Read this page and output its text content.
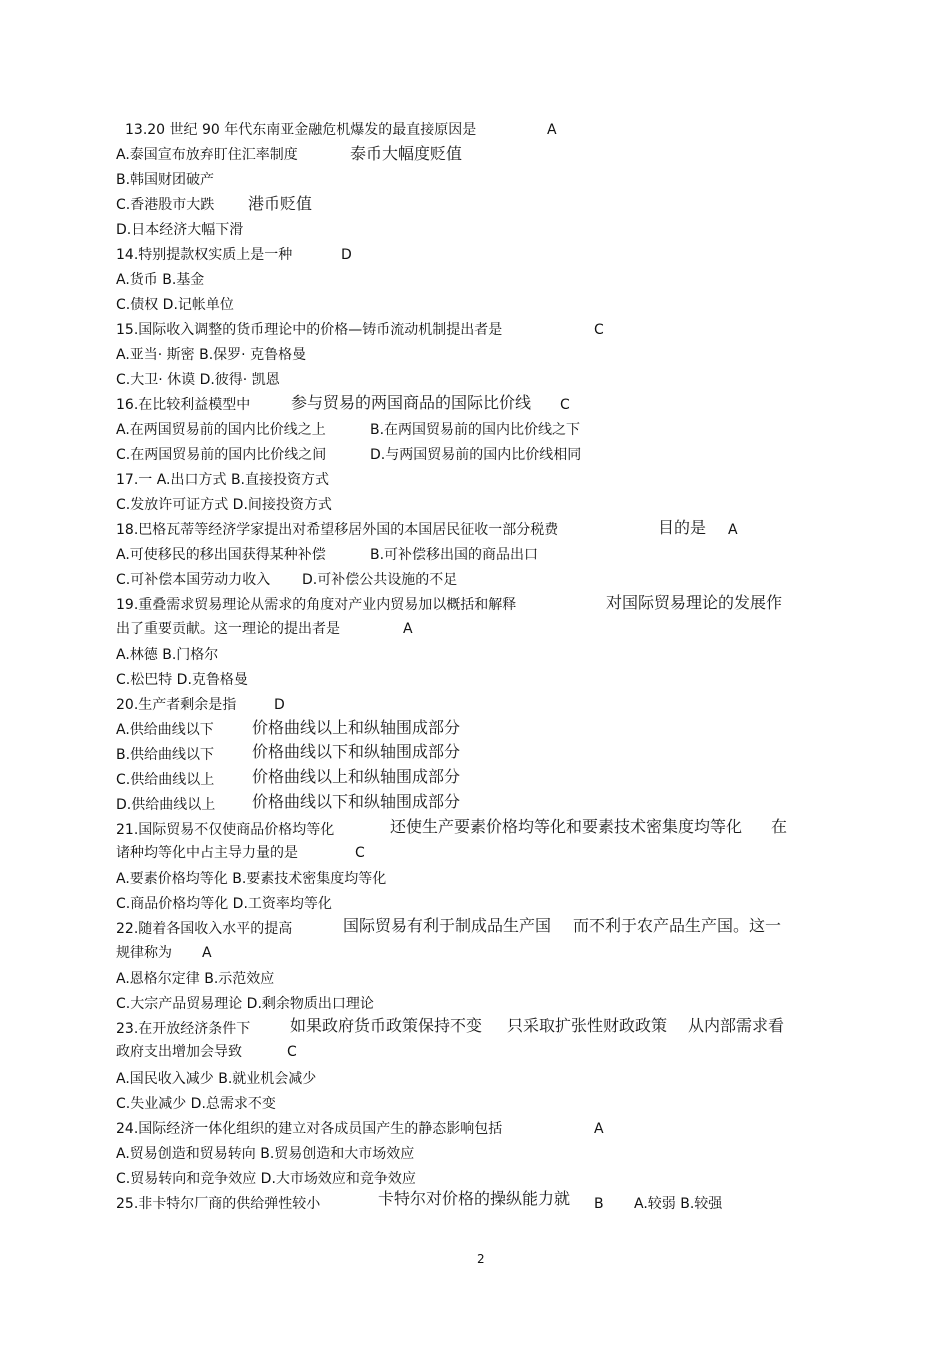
13.20 世纪 90 年代东南亚金融危机爆发的最直接原因是	A
A.泰国宣布放弃盯住汇率制度	泰币大幅度贬值
B.韩国财团破产
C.香港股市大跌 港币贬值
D.日本经济大幅下滑
14.特别提款权实质上是一种	D
A.货币 B.基金
C.债权 D.记帐单位
15.国际收入调整的货币理论中的价格—铸币流动机制提出者是	C
A.亚当· 斯密 B.保罗· 克鲁格曼
C.大卫· 休谟 D.彼得· 凯恩
16.在比较利益模型中	参与贸易的两国商品的国际比价线 C
A.在两国贸易前的国内比价线之上	B.在两国贸易前的国内比价线之下
C.在两国贸易前的国内比价线之间	D.与两国贸易前的国内比价线相同
17.一 A.出口方式 B.直接投资方式
C.发放许可证方式 D.间接投资方式
18.巴格瓦蒂等经济学家提出对希望移居外国的本国居民征收一部分税费	目的是 A
A.可使移民的移出国获得某种补偿	B.可补偿移出国的商品出口
C.可补偿本国劳动力收入 D.可补偿公共设施的不足
19.重叠需求贸易理论从需求的角度对产业内贸易加以概括和解释	对国际贸易理论的发展作
出了重要贡献。这一理论的提出者是	A
A.林德 B.门格尔
C.松巴特 D.克鲁格曼
20.生产者剩余是指	D
A.供给曲线以下 价格曲线以上和纵轴围成部分
B.供给曲线以下 价格曲线以下和纵轴围成部分
C.供给曲线以上 价格曲线以上和纵轴围成部分
D.供给曲线以上 价格曲线以下和纵轴围成部分
21.国际贸易不仅使商品价格均等化	还使生产要素价格均等化和要素技术密集度均等化 在
诸种均等化中占主导力量的是	C
A.要素价格均等化 B.要素技术密集度均等化
C.商品价格均等化 D.工资率均等化
22.随着各国收入水平的提高	国际贸易有利于制成品生产国 而不利于农产品生产国。这一
规律称为 A
A.恩格尔定律 B.示范效应
C.大宗产品贸易理论 D.剩余物质出口理论
23.在开放经济条件下 如果政府货币政策保持不变 只采取扩张性财政政策 从内部需求看
政府支出增加会导致	C
A.国民收入减少 B.就业机会减少
C.失业减少 D.总需求不变
24.国际经济一体化组织的建立对各成员国产生的静态影响包括	A
A.贸易创造和贸易转向 B.贸易创造和大市场效应
C.贸易转向和竞争效应 D.大市场效应和竞争效应
25.非卡特尔厂商的供给弹性较小	卡特尔对价格的操纵能力就 B A.较弱 B.较强
2
